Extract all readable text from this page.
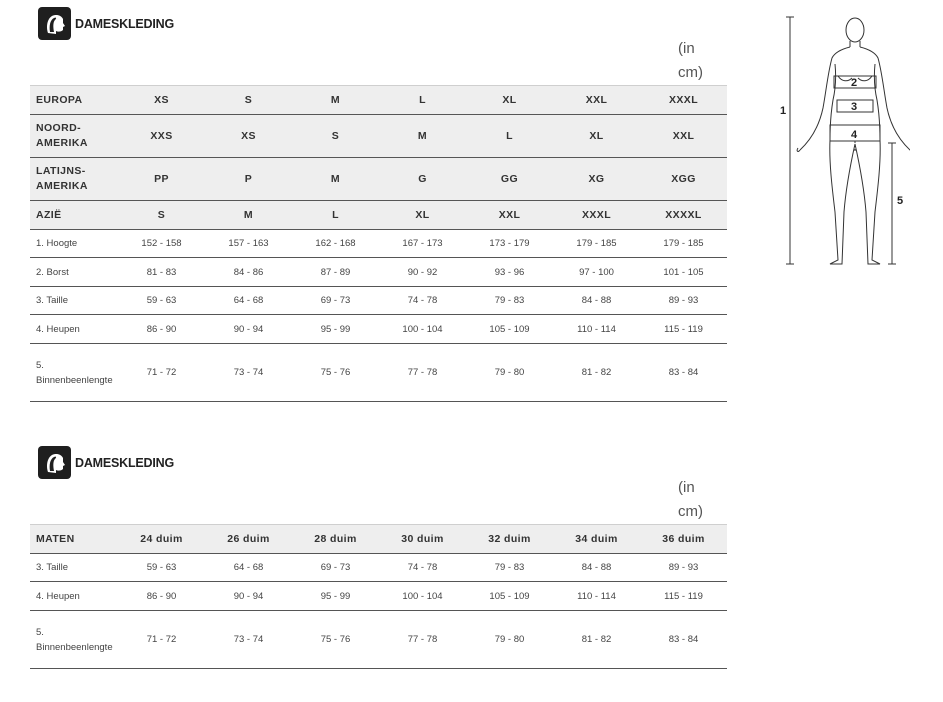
DAMESKLEDING
(in cm)
EUROPA	XS	S	M	L	XL	XXL	XXXL
NOORD-AMERIKA	XXS	XS	S	M	L	XL	XXL
LATIJNS-AMERIKA	PP	P	M	G	GG	XG	XGG
AZIË	S	M	L	XL	XXL	XXXL	XXXXL
1. Hoogte	152 - 158	157 - 163	162 - 168	167 - 173	173 - 179	179 - 185	179 - 185
2. Borst	81 - 83	84 - 86	87 - 89	90 - 92	93 - 96	97 - 100	101 - 105
3. Taille	59 - 63	64 - 68	69 - 73	74 - 78	79 - 83	84 - 88	89 - 93
4. Heupen	86 - 90	90 - 94	95 - 99	100 - 104	105 - 109	110 - 114	115 - 119
5. Binnenbeenlengte	71 - 72	73 - 74	75 - 76	77 - 78	79 - 80	81 - 82	83 - 84
DAMESKLEDING
(in cm)
MATEN	24 duim	26 duim	28 duim	30 duim	32 duim	34 duim	36 duim
3. Taille	59 - 63	64 - 68	69 - 73	74 - 78	79 - 83	84 - 88	89 - 93
4. Heupen	86 - 90	90 - 94	95 - 99	100 - 104	105 - 109	110 - 114	115 - 119
5. Binnenbeenlengte	71 - 72	73 - 74	75 - 76	77 - 78	79 - 80	81 - 82	83 - 84
1
2
3
4
5
